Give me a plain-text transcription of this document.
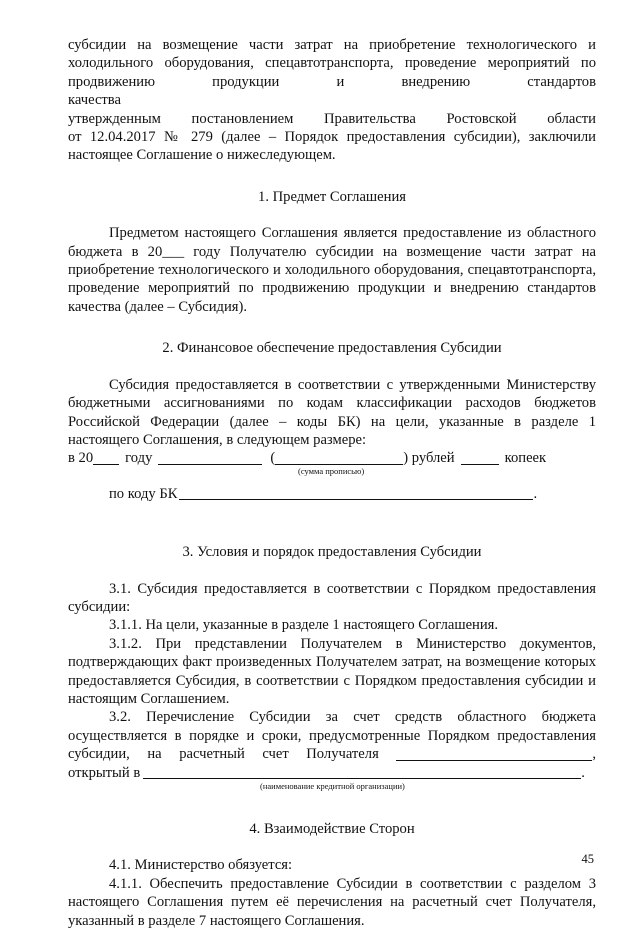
субсидии на возмещение части затрат на приобретение технологического и

холодильного оборудования, спецавтотранспорта, проведение мероприятий по

продвижению продукции и внедрению стандартов качества

утвержденным постановлением Правительства Ростовской области

от 12.04.2017 № 279 (далее – Порядок предоставления субсидии), заключили настоящее Соглашение о нижеследующем.

1. Предмет Соглашения

Предметом настоящего Соглашения является предоставление из областного бюджета в 20___ году Получателю субсидии на возмещение части затрат на приобретение технологического и холодильного оборудования, спецавтотранспорта, проведение мероприятий по продвижению продукции и внедрению стандартов качества (далее – Субсидия).

2. Финансовое обеспечение предоставления Субсидии

Субсидия предоставляется в соответствии с утвержденными Министерству бюджетными ассигнованиями по кодам классификации расходов бюджетов Российской Федерации (далее – коды БК) на цели, указанные в разделе 1 настоящего Соглашения, в следующем размере:

в 20 году	(	) рублей	копеек
(сумма прописью)
по коду БК	.

3. Условия и порядок предоставления Субсидии

3.1. Субсидия предоставляется в соответствии с Порядком предоставления субсидии:

3.1.1. На цели, указанные в разделе 1 настоящего Соглашения.

3.1.2. При представлении Получателем в Министерство документов, подтверждающих факт произведенных Получателем затрат, на возмещение которых предоставляется Субсидия, в соответствии с Порядком предоставления субсидии и настоящим Соглашением.

3.2. Перечисление Субсидии за счет средств областного бюджета осуществляется в порядке и сроки, предусмотренные Порядком предоставления

субсидии, на расчетный счет Получателя	,
открытый в	.
(наименование кредитной организации)

4. Взаимодействие Сторон

4.1. Министерство обязуется:

4.1.1. Обеспечить предоставление Субсидии в соответствии с разделом 3 настоящего Соглашения путем её перечисления на расчетный счет Получателя, указанный в разделе 7 настоящего Соглашения.

45
